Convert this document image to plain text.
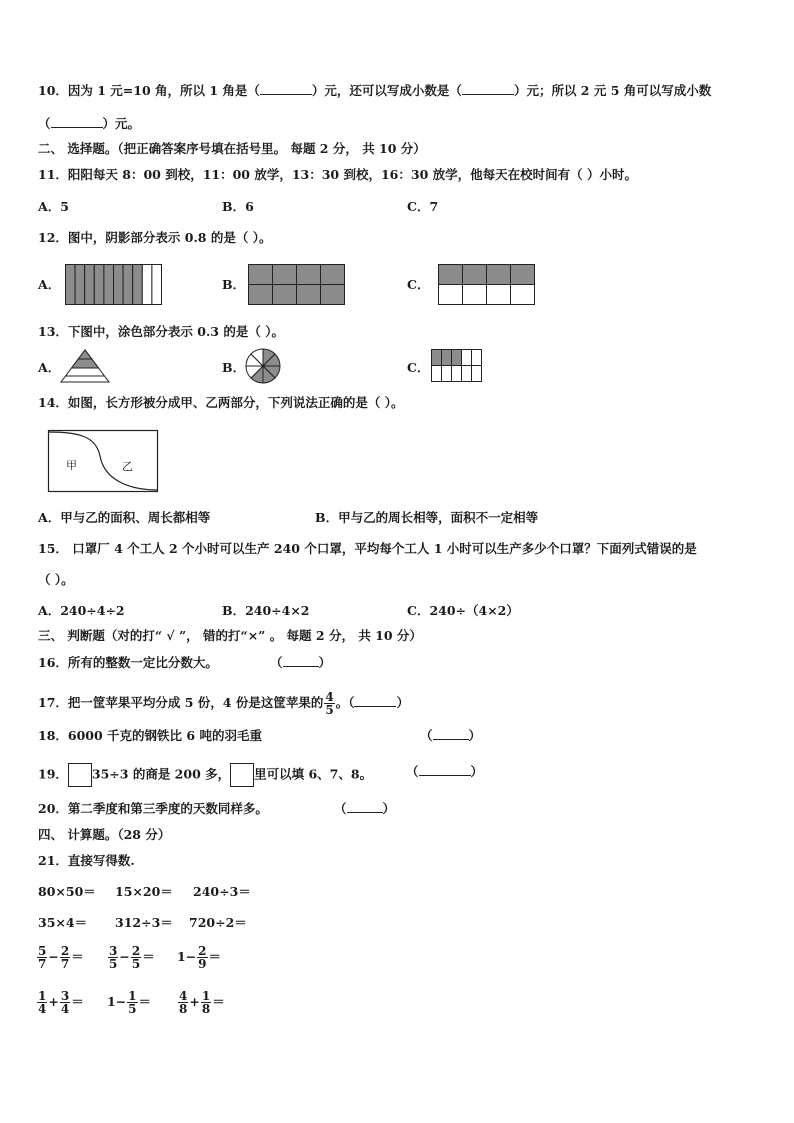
10．因为 1 元=10 角，所以 1 角是（	）元，还可以写成小数是（	）元；所以 2 元 5 角可以写成小数
（	）元。
二、 选择题。（把正确答案序号填在括号里。 每题 2 分， 共 10 分）
11．阳阳每天 8：00 到校，11：00 放学，13：30 到校，16：30 放学，他每天在校时间有（ ）小时。
A．5	B．6	C．7
12．图中，阴影部分表示 0.8 的是（ ）。
A．	B．	C．
13．下图中，涂色部分表示 0.3 的是（ ）。
A．	B．	C．
14．如图，长方形被分成甲、乙两部分，下列说法正确的是（ ）。
甲	乙
A．甲与乙的面积、周长都相等	B．甲与乙的周长相等，面积不一定相等
15． 口罩厂 4 个工人 2 个小时可以生产 240 个口罩，平均每个工人 1 小时可以生产多少个口罩？下面列式错误的是
（ ）。
A．240÷4÷2	B．240÷4×2	C．240÷（4×2）
三、 判断题（对的打“ √ ”， 错的打“×” 。 每题 2 分， 共 10 分）
16．所有的整数一定比分数大。	（	）
17．把一筐苹果平均分成 5 份，4 份是这筐苹果的 $\frac{4}{5}$ 。（	）
18．6000 千克的钢铁比 6 吨的羽毛重	（	）
19． 35÷3 的商是 200 多， 里可以填 6、7、8。	（	）
20．第二季度和第三季度的天数同样多。	（	）
四、 计算题。（28 分）
21．直接写得数.
80×50＝ 15×20＝ 240÷3＝
35×4＝ 312÷3＝ 720÷2＝
$\frac{5}{7} - \frac{2}{7} = \frac{3}{5} - \frac{2}{5} = 1- \frac{2}{9}$ ＝
$\frac{1}{4} + \frac{3}{4} = 1- \frac{1}{5} = \frac{4}{8} + \frac{1}{8}$ ＝
